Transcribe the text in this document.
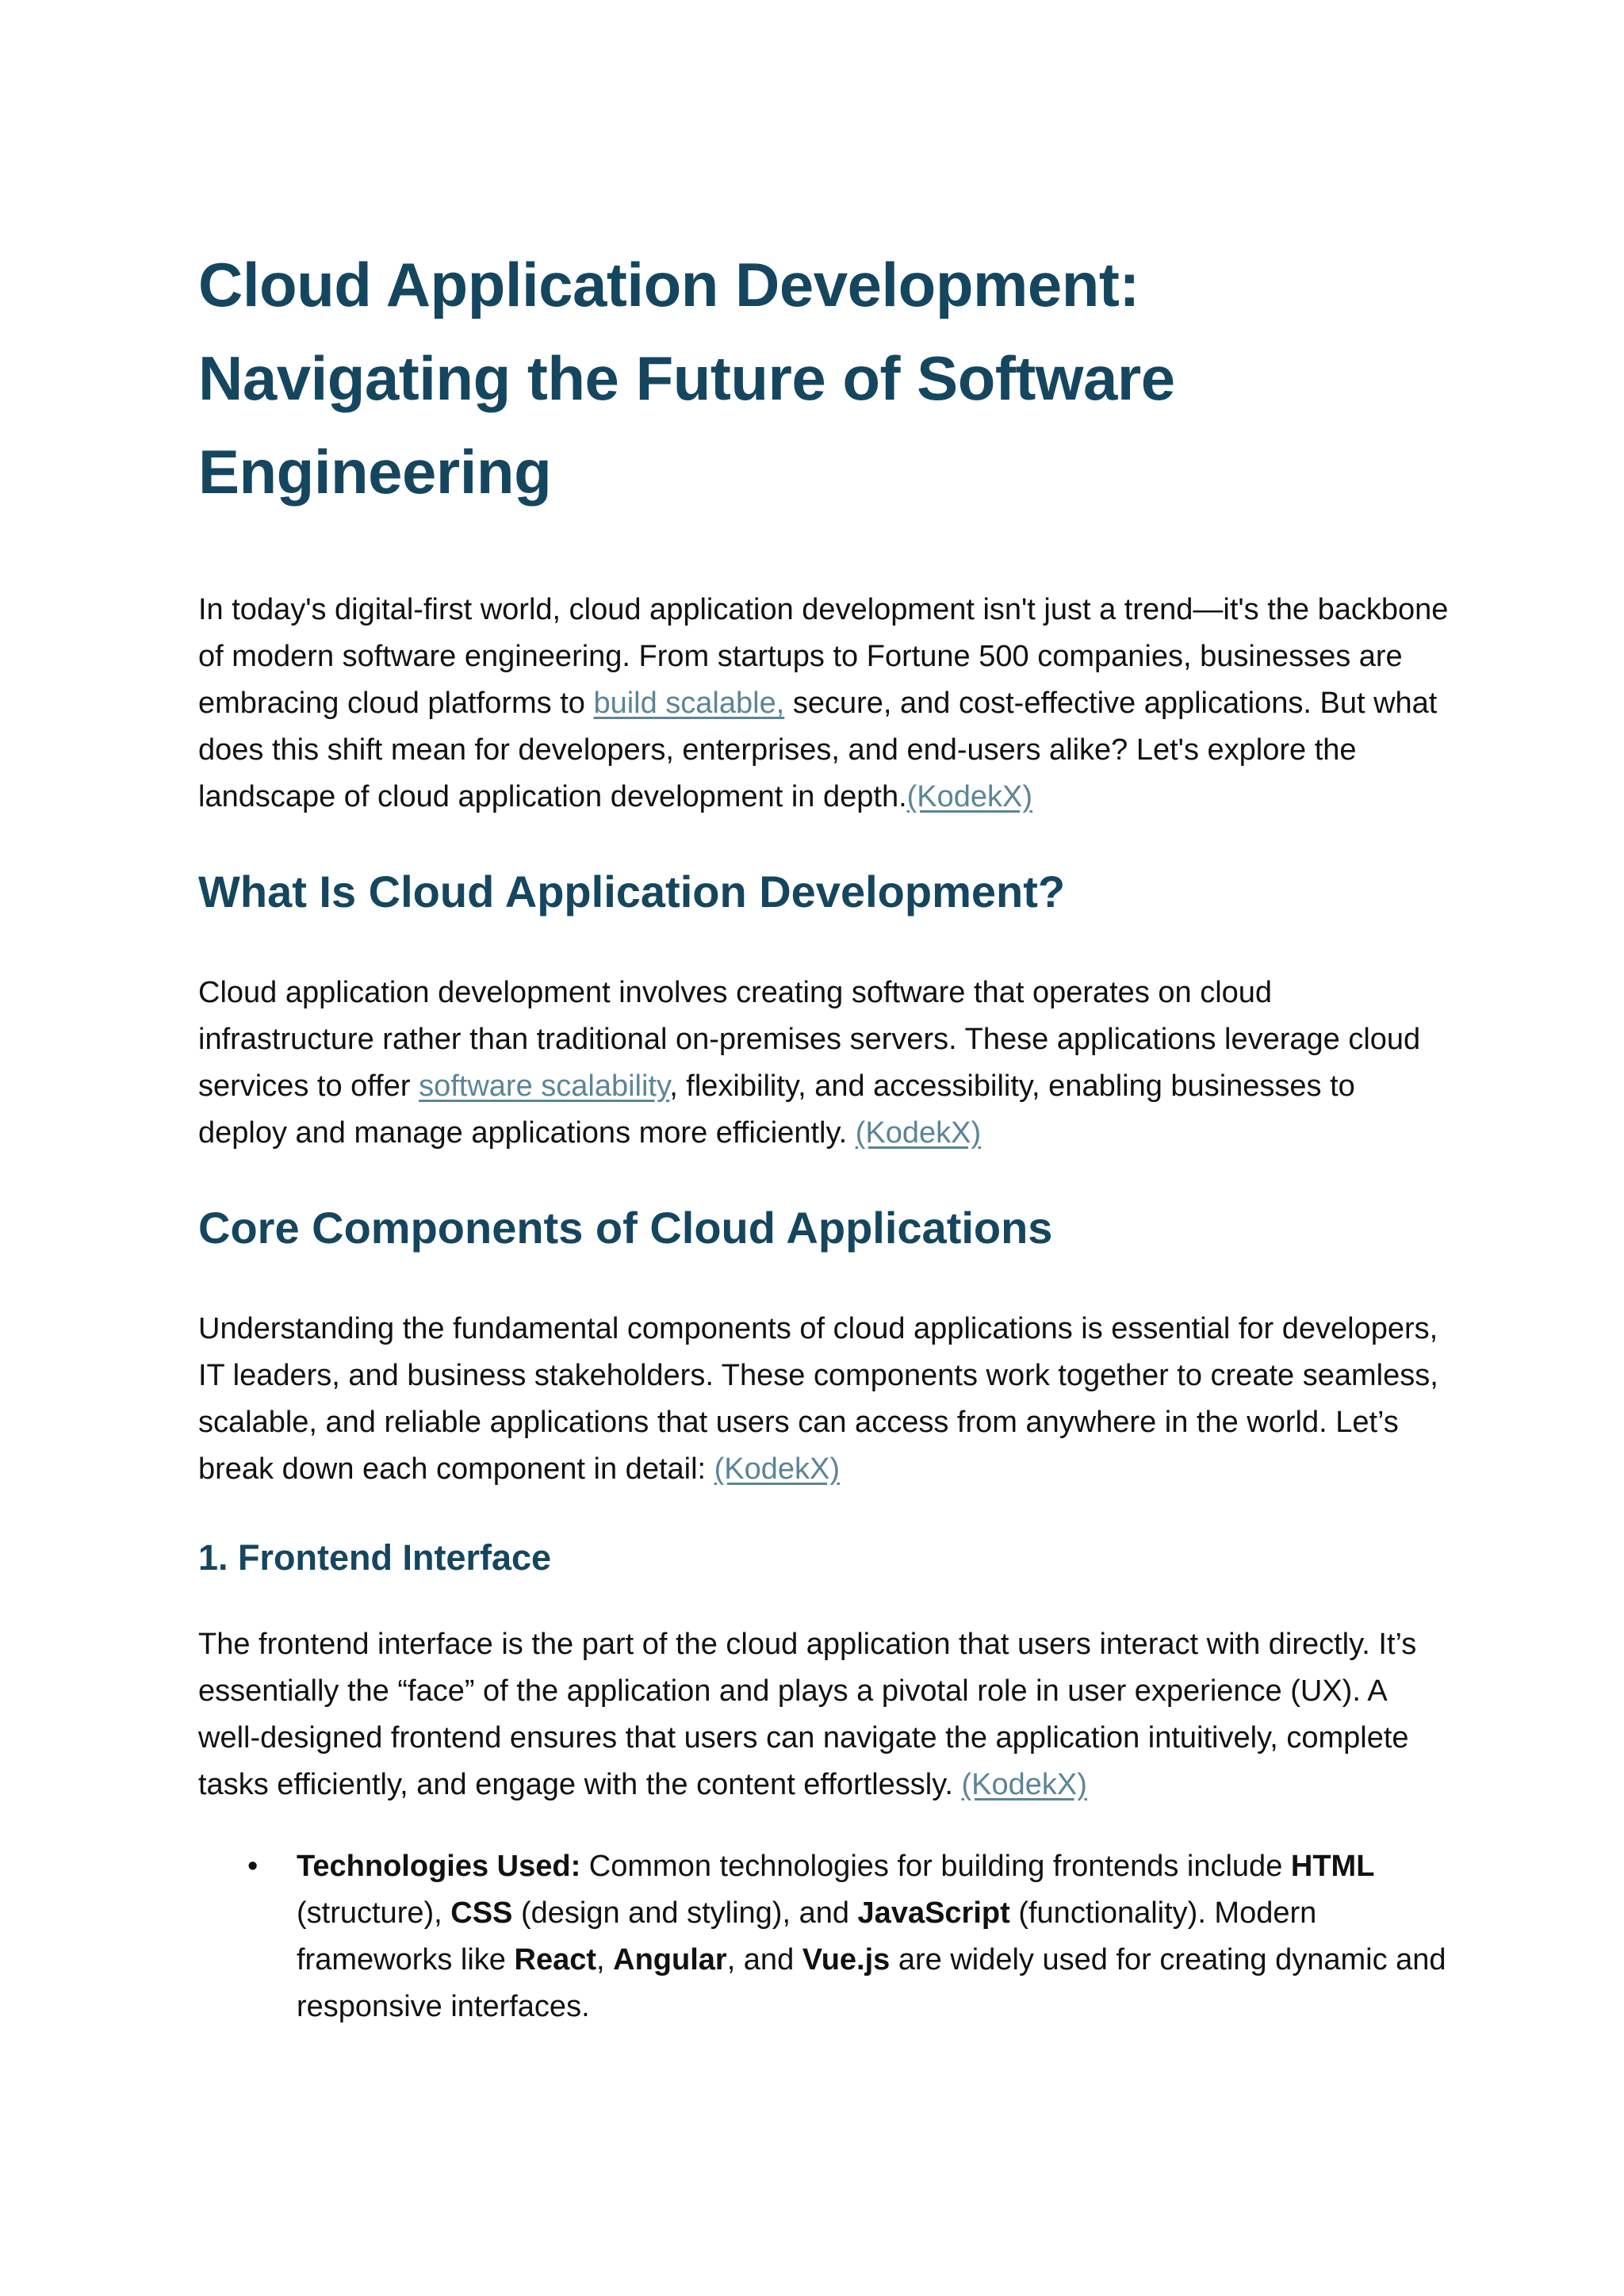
Cloud Application Development: Navigating the Future of Software Engineering

In today's digital-first world, cloud application development isn't just a trend—it's the backbone of modern software engineering. From startups to Fortune 500 companies, businesses are embracing cloud platforms to build scalable, secure, and cost-effective applications. But what does this shift mean for developers, enterprises, and end-users alike? Let's explore the landscape of cloud application development in depth.(KodekX)

What Is Cloud Application Development?

Cloud application development involves creating software that operates on cloud infrastructure rather than traditional on-premises servers. These applications leverage cloud services to offer software scalability, flexibility, and accessibility, enabling businesses to deploy and manage applications more efficiently. (KodekX)

Core Components of Cloud Applications

Understanding the fundamental components of cloud applications is essential for developers, IT leaders, and business stakeholders. These components work together to create seamless, scalable, and reliable applications that users can access from anywhere in the world. Let’s break down each component in detail: (KodekX)

1. Frontend Interface

The frontend interface is the part of the cloud application that users interact with directly. It’s essentially the “face” of the application and plays a pivotal role in user experience (UX). A well-designed frontend ensures that users can navigate the application intuitively, complete tasks efficiently, and engage with the content effortlessly. (KodekX)

• Technologies Used: Common technologies for building frontends include HTML (structure), CSS (design and styling), and JavaScript (functionality). Modern frameworks like React, Angular, and Vue.js are widely used for creating dynamic and responsive interfaces.
